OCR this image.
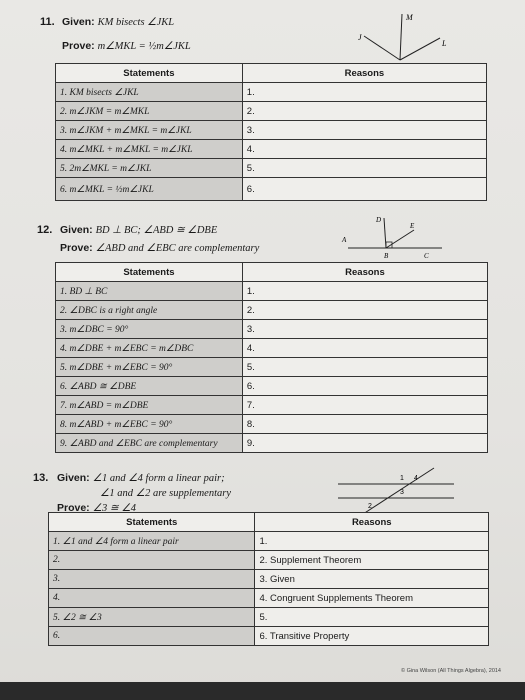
11. Given: KM bisects ∠JKL
Prove: m∠MKL = ½m∠JKL
M
J
K
L
Statements	Reasons
1. KM bisects ∠JKL	1.
2. m∠JKM = m∠MKL	2.
3. m∠JKM + m∠MKL = m∠JKL	3.
4. m∠MKL + m∠MKL = m∠JKL	4.
5. 2m∠MKL = m∠JKL	5.
6. m∠MKL = ½m∠JKL	6.
12. Given: BD ⊥ BC; ∠ABD ≅ ∠DBE
Prove: ∠ABD and ∠EBC are complementary
D
E
A
B	C
Statements	Reasons
1. BD ⊥ BC	1.
2. ∠DBC is a right angle	2.
3. m∠DBC = 90°	3.
4. m∠DBE + m∠EBC = m∠DBC	4.
5. m∠DBE + m∠EBC = 90°	5.
6. ∠ABD ≅ ∠DBE	6.
7. m∠ABD = m∠DBE	7.
8. m∠ABD + m∠EBC = 90°	8.
9. ∠ABD and ∠EBC are complementary	9.
13. Given: ∠1 and ∠4 form a linear pair;
∠1 and ∠2 are supplementary
Prove: ∠3 ≅ ∠4
1 4
2
3
Statements	Reasons
1. ∠1 and ∠4 form a linear pair	1.
2.	2. Supplement Theorem
3.	3. Given
4.	4. Congruent Supplements Theorem
5. ∠2 ≅ ∠3	5.
6.	6. Transitive Property
© Gina Wilson (All Things Algebra), 2014
